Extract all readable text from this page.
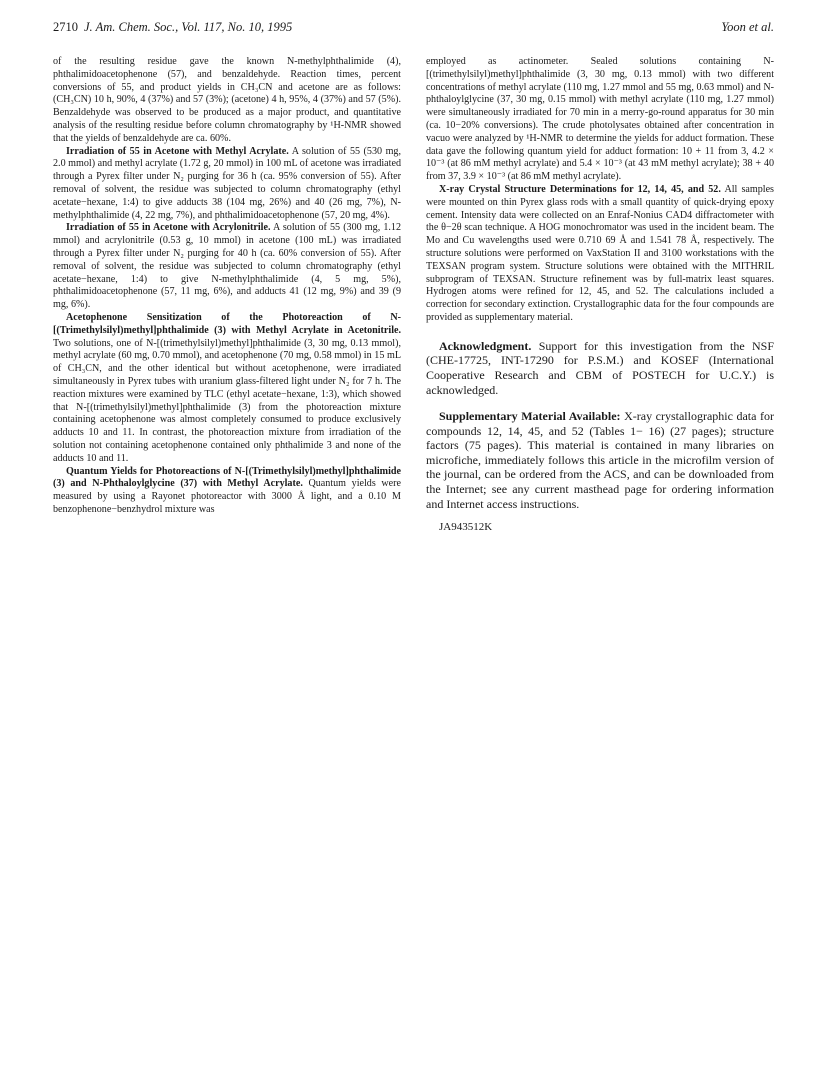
2710 J. Am. Chem. Soc., Vol. 117, No. 10, 1995	Yoon et al.

of the resulting residue gave the known N-methylphthalimide (4), phthalimidoacetophenone (57), and benzaldehyde. Reaction times, percent conversions of 55, and product yields in CH₃CN and acetone are as follows: (CH₃CN) 10 h, 90%, 4 (37%) and 57 (3%); (acetone) 4 h, 95%, 4 (37%) and 57 (5%). Benzaldehyde was observed to be produced as a major product, and quantitative analysis of the resulting residue before column chromatography by ¹H-NMR showed that the yields of benzaldehyde are ca. 60%.

Irradiation of 55 in Acetone with Methyl Acrylate. A solution of 55 (530 mg, 2.0 mmol) and methyl acrylate (1.72 g, 20 mmol) in 100 mL of acetone was irradiated through a Pyrex filter under N₂ purging for 36 h (ca. 95% conversion of 55). After removal of solvent, the residue was subjected to column chromatography (ethyl acetate−hexane, 1:4) to give adducts 38 (104 mg, 26%) and 40 (26 mg, 7%), N-methylphthalimide (4, 22 mg, 7%), and phthalimidoacetophenone (57, 20 mg, 4%).

Irradiation of 55 in Acetone with Acrylonitrile. A solution of 55 (300 mg, 1.12 mmol) and acrylonitrile (0.53 g, 10 mmol) in acetone (100 mL) was irradiated through a Pyrex filter under N₂ purging for 40 h (ca. 60% conversion of 55). After removal of solvent, the residue was subjected to column chromatography (ethyl acetate−hexane, 1:4) to give N-methylphthalimide (4, 5 mg, 5%), phthalimidoacetophenone (57, 11 mg, 6%), and adducts 41 (12 mg, 9%) and 39 (9 mg, 6%).

Acetophenone Sensitization of the Photoreaction of N-[(Trimethylsilyl)methyl]phthalimide (3) with Methyl Acrylate in Acetonitrile. Two solutions, one of N-[(trimethylsilyl)methyl]phthalimide (3, 30 mg, 0.13 mmol), methyl acrylate (60 mg, 0.70 mmol), and acetophenone (70 mg, 0.58 mmol) in 15 mL of CH₃CN, and the other identical but without acetophenone, were irradiated simultaneously in Pyrex tubes with uranium glass-filtered light under N₂ for 7 h. The reaction mixtures were examined by TLC (ethyl acetate−hexane, 1:3), which showed that N-[(trimethylsilyl)methyl]phthalimide (3) from the photoreaction mixture containing acetophenone was almost completely consumed to produce exclusively adducts 10 and 11. In contrast, the photoreaction mixture from irradiation of the solution not containing acetophenone contained only phthalimide 3 and none of the adducts 10 and 11.

Quantum Yields for Photoreactions of N-[(Trimethylsilyl)methyl]phthalimide (3) and N-Phthaloylglycine (37) with Methyl Acrylate. Quantum yields were measured by using a Rayonet photoreactor with 3000 Å light, and a 0.10 M benzophenone−benzhydrol mixture was

employed as actinometer. Sealed solutions containing N-[(trimethylsilyl)methyl]phthalimide (3, 30 mg, 0.13 mmol) with two different concentrations of methyl acrylate (110 mg, 1.27 mmol and 55 mg, 0.63 mmol) and N-phthaloylglycine (37, 30 mg, 0.15 mmol) with methyl acrylate (110 mg, 1.27 mmol) were simultaneously irradiated for 70 min in a merry-go-round apparatus for 30 min (ca. 10−20% conversions). The crude photolysates obtained after concentration in vacuo were analyzed by ¹H-NMR to determine the yields for adduct formation. These data gave the following quantum yield for adduct formation: 10 + 11 from 3, 4.2 × 10⁻³ (at 86 mM methyl acrylate) and 5.4 × 10⁻³ (at 43 mM methyl acrylate); 38 + 40 from 37, 3.9 × 10⁻³ (at 86 mM methyl acrylate).

X-ray Crystal Structure Determinations for 12, 14, 45, and 52. All samples were mounted on thin Pyrex glass rods with a small quantity of quick-drying epoxy cement. Intensity data were collected on an Enraf-Nonius CAD4 diffractometer with the θ−2θ scan technique. A HOG monochromator was used in the incident beam. The Mo and Cu wavelengths used were 0.710 69 Å and 1.541 78 Å, respectively. The structure solutions were performed on VaxStation II and 3100 workstations with the TEXSAN program system. Structure solutions were obtained with the MITHRIL subprogram of TEXSAN. Structure refinement was by full-matrix least squares. Hydrogen atoms were refined for 12, 45, and 52. The calculations included a correction for secondary extinction. Crystallographic data for the four compounds are provided as supplementary material.

Acknowledgment. Support for this investigation from the NSF (CHE-17725, INT-17290 for P.S.M.) and KOSEF (International Cooperative Research and CBM of POSTECH for U.C.Y.) is acknowledged.

Supplementary Material Available: X-ray crystallographic data for compounds 12, 14, 45, and 52 (Tables 1− 16) (27 pages); structure factors (75 pages). This material is contained in many libraries on microfiche, immediately follows this article in the microfilm version of the journal, can be ordered from the ACS, and can be downloaded from the Internet; see any current masthead page for ordering information and Internet access instructions.

JA943512K
